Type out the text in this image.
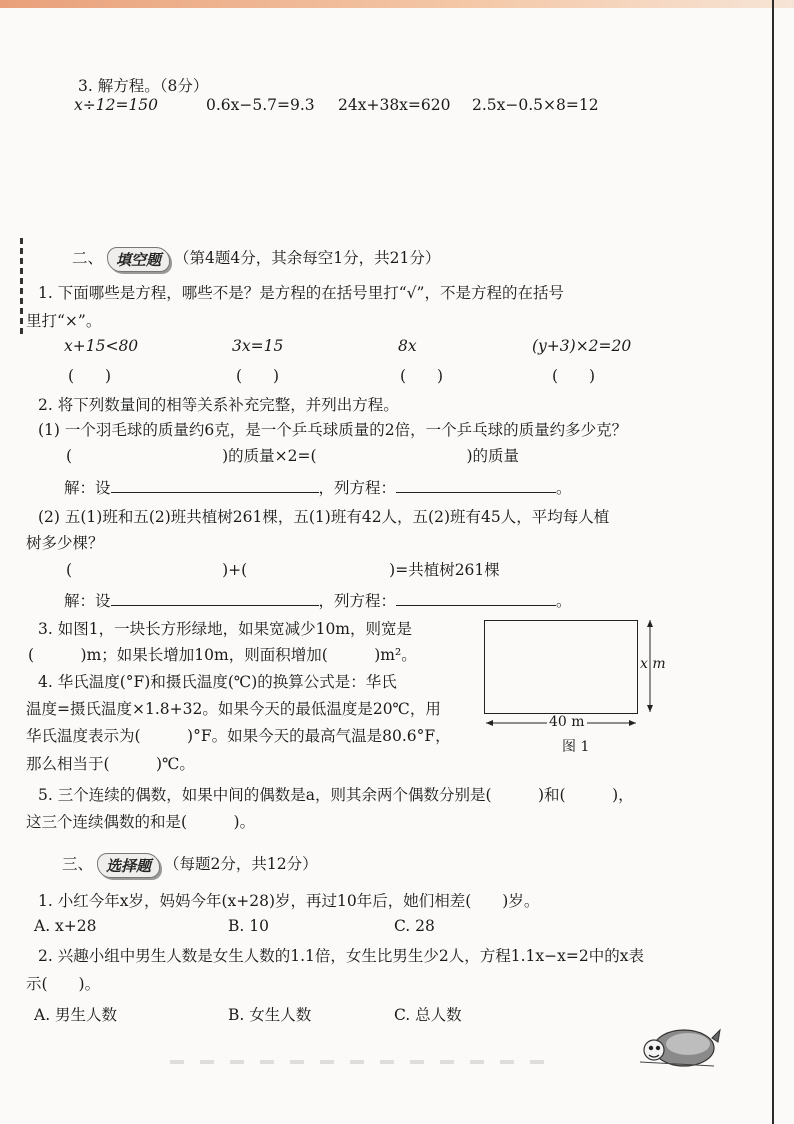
3. 解方程。（8分）
x÷12=150	0.6x−5.7=9.3 24x+38x=620 2.5x−0.5×8=12
二、 填空题 （第4题4分，其余每空1分，共21分）
1. 下面哪些是方程，哪些不是？是方程的在括号里打“√”，不是方程的在括号
里打“×”。
x+15<80	3x=15	8x	(y+3)×2=20
(　　)	(　　)	(　　)	(　　)
2. 将下列数量间的相等关系补充完整，并列出方程。
(1) 一个羽毛球的质量约6克，是一个乒乓球质量的2倍，一个乒乓球的质量约多少克？
(	)的质量×2=(	)的质量
解：设	，列方程：	。
(2) 五(1)班和五(2)班共植树261棵，五(1)班有42人，五(2)班有45人，平均每人植
树多少棵？
(	)+(	)=共植树261棵
解：设	，列方程：	。
3. 如图1，一块长方形绿地，如果宽减少10m，则宽是
(　　　)m；如果长增加10m，则面积增加(　　　)m²。	x m
40 m
图 1
4. 华氏温度(°F)和摄氏温度(℃)的换算公式是：华氏
温度=摄氏温度×1.8+32。如果今天的最低温度是20℃，用
华氏温度表示为(　　　)°F。如果今天的最高气温是80.6°F，
那么相当于(　　　)℃。
5. 三个连续的偶数，如果中间的偶数是a，则其余两个偶数分别是(　　　)和(　　　)，
这三个连续偶数的和是(　　　)。
三、 选择题 （每题2分，共12分）
1. 小红今年x岁，妈妈今年(x+28)岁，再过10年后，她们相差(　　)岁。
A. x+28	B. 10	C. 28
2. 兴趣小组中男生人数是女生人数的1.1倍，女生比男生少2人，方程1.1x−x=2中的x表
示(　　)。
A. 男生人数	B. 女生人数	C. 总人数
